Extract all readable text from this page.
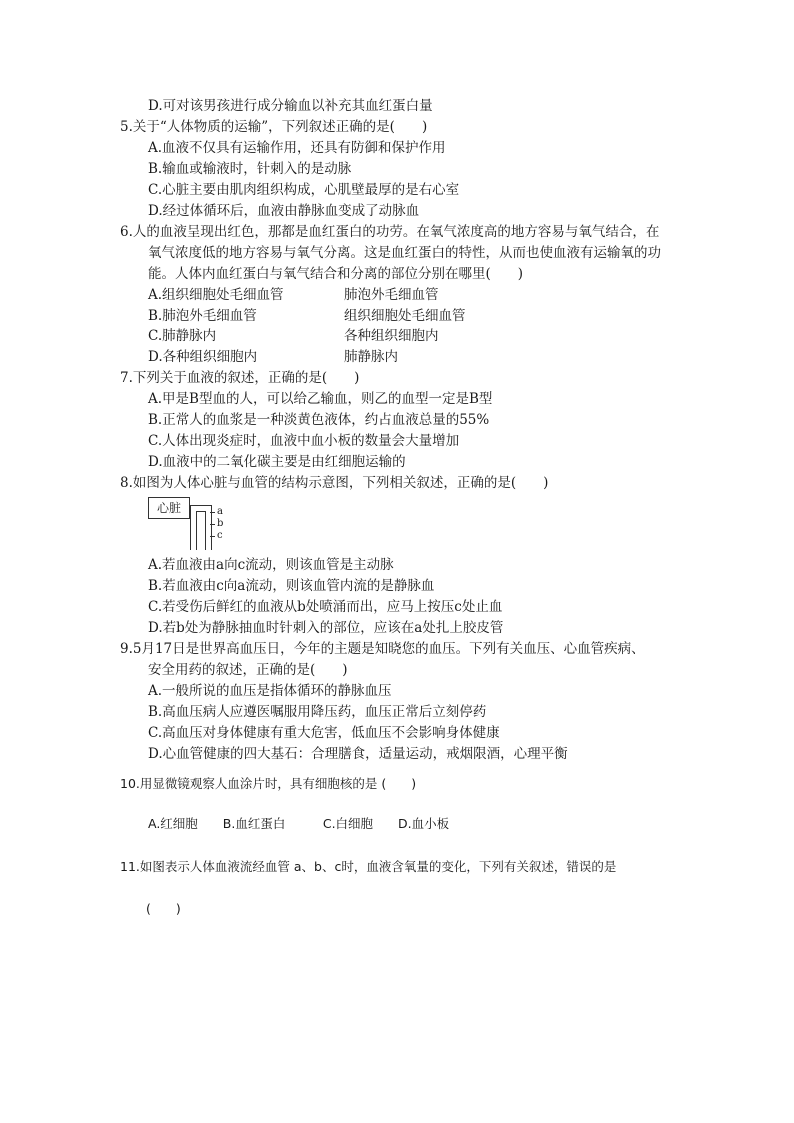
D.可对该男孩进行成分输血以补充其血红蛋白量
5.关于“人体物质的运输”，下列叙述正确的是(　　)
A.血液不仅具有运输作用，还具有防御和保护作用
B.输血或输液时，针刺入的是动脉
C.心脏主要由肌肉组织构成，心肌壁最厚的是右心室
D.经过体循环后，血液由静脉血变成了动脉血
6.人的血液呈现出红色，那都是血红蛋白的功劳。在氧气浓度高的地方容易与氧气结合，在
氧气浓度低的地方容易与氧气分离。这是血红蛋白的特性，从而也使血液有运输氧的功
能。人体内血红蛋白与氧气结合和分离的部位分别在哪里(　　)
A.组织细胞处毛细血管	肺泡外毛细血管
B.肺泡外毛细血管	组织细胞处毛细血管
C.肺静脉内	各种组织细胞内
D.各种组织细胞内	肺静脉内
7.下列关于血液的叙述，正确的是(　　)
A.甲是B型血的人，可以给乙输血，则乙的血型一定是B型
B.正常人的血浆是一种淡黄色液体，约占血液总量的55%
C.人体出现炎症时，血液中血小板的数量会大量增加
D.血液中的二氧化碳主要是由红细胞运输的
8.如图为人体心脏与血管的结构示意图，下列相关叙述，正确的是(　　)
心脏	a
b
c
A.若血液由a向c流动，则该血管是主动脉
B.若血液由c向a流动，则该血管内流的是静脉血
C.若受伤后鲜红的血液从b处喷涌而出，应马上按压c处止血
D.若b处为静脉抽血时针刺入的部位，应该在a处扎上胶皮管
9.5月17日是世界高血压日，今年的主题是知晓您的血压。下列有关血压、心血管疾病、
安全用药的叙述，正确的是(　　)
A.一般所说的血压是指体循环的静脉血压
B.高血压病人应遵医嘱服用降压药，血压正常后立刻停药
C.高血压对身体健康有重大危害，低血压不会影响身体健康
D.心血管健康的四大基石：合理膳食，适量运动，戒烟限酒，心理平衡
10.用显微镜观察人血涂片时，具有细胞核的是 (　　)
A.红细胞　　B.血红蛋白　　　C.白细胞　　D.血小板
11.如图表示人体血液流经血管 a、b、c时，血液含氧量的变化，下列有关叙述，错误的是
(　　)
